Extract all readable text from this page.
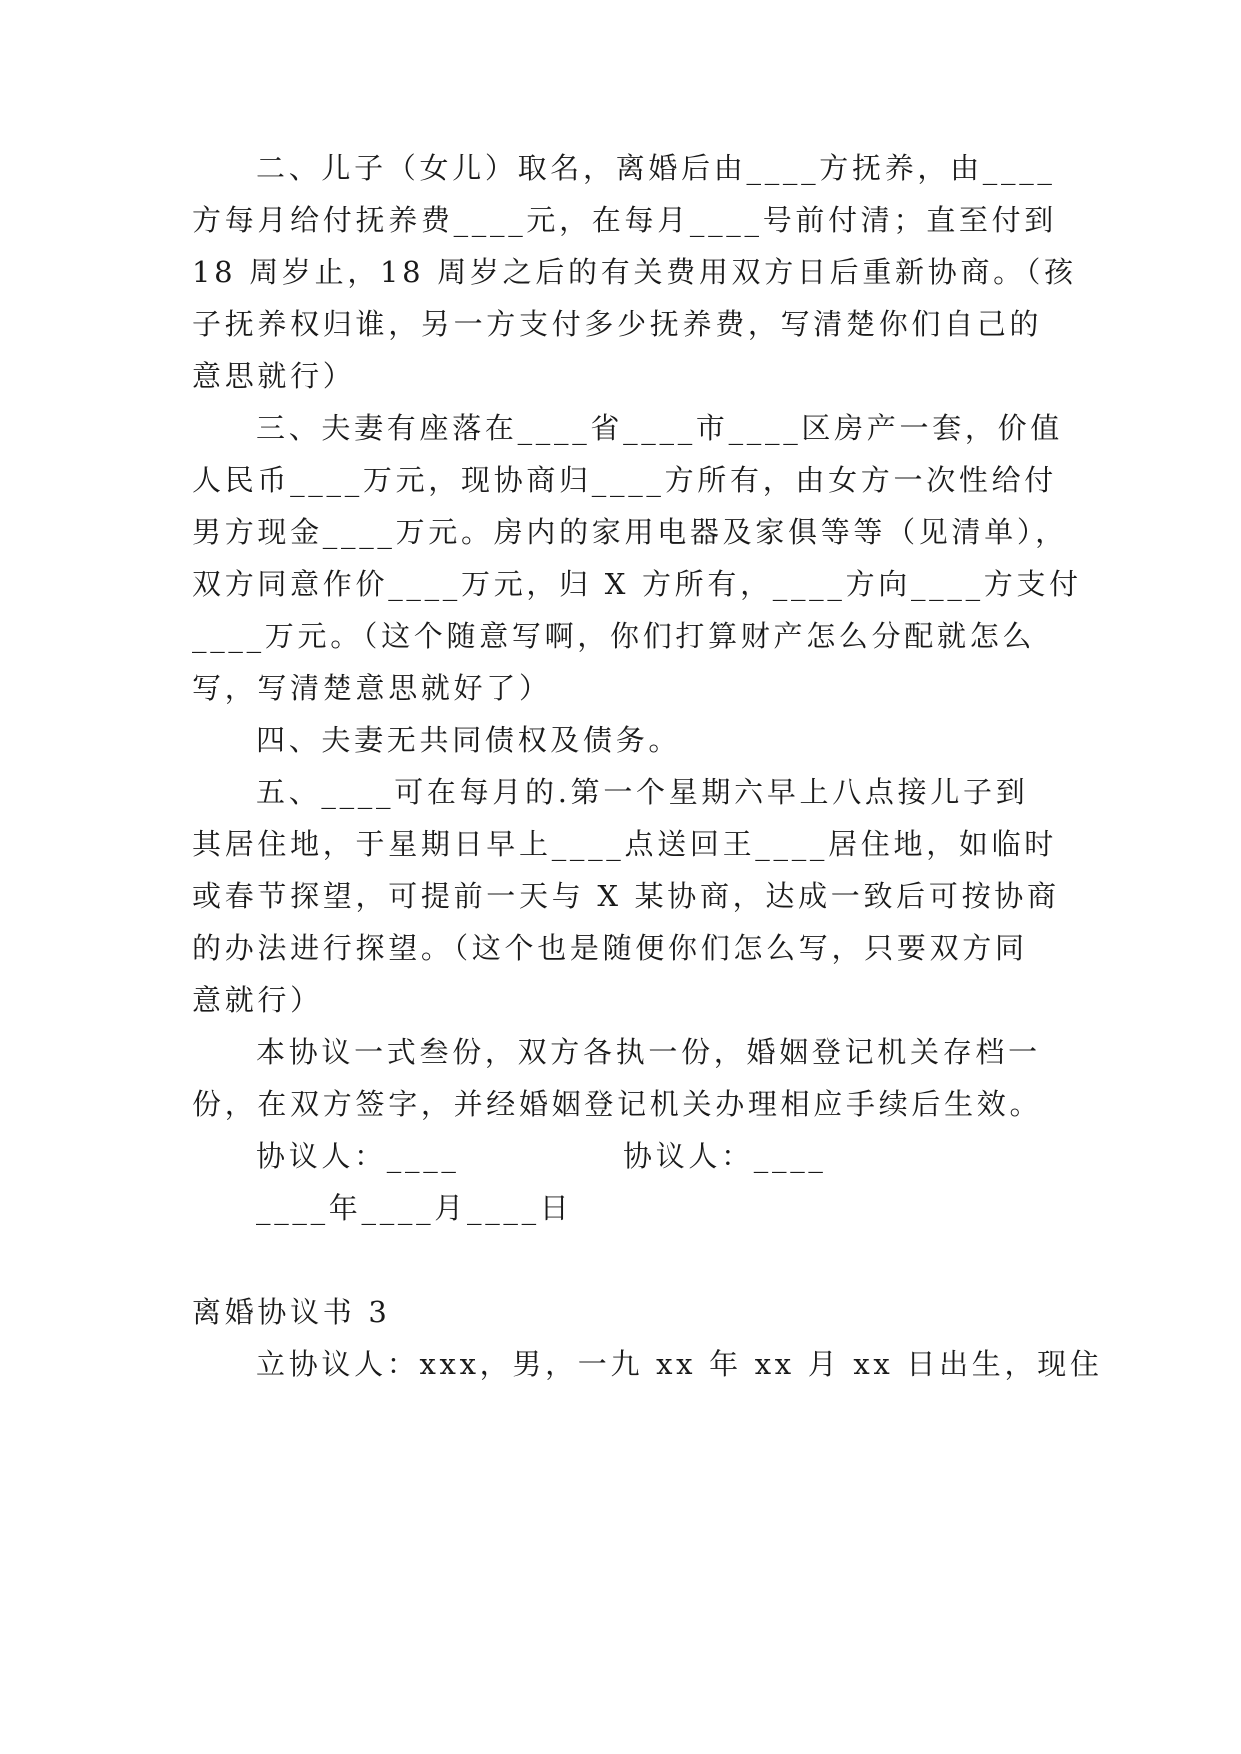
二、儿子（女儿）取名，离婚后由____方抚养，由____
方每月给付抚养费____元，在每月____号前付清；直至付到
18 周岁止，18 周岁之后的有关费用双方日后重新协商。（孩
子抚养权归谁，另一方支付多少抚养费，写清楚你们自己的
意思就行）
三、夫妻有座落在____省____市____区房产一套，价值
人民币____万元，现协商归____方所有，由女方一次性给付
男方现金____万元。房内的家用电器及家俱等等（见清单），
双方同意作价____万元，归 X 方所有，____方向____方支付
____万元。（这个随意写啊，你们打算财产怎么分配就怎么
写，写清楚意思就好了）
四、夫妻无共同债权及债务。
五、____可在每月的.第一个星期六早上八点接儿子到
其居住地，于星期日早上____点送回王____居住地，如临时
或春节探望，可提前一天与 X 某协商，达成一致后可按协商
的办法进行探望。（这个也是随便你们怎么写，只要双方同
意就行）
本协议一式叁份，双方各执一份，婚姻登记机关存档一
份，在双方签字，并经婚姻登记机关办理相应手续后生效。
协议人：____	协议人：____
____年____月____日
离婚协议书 3
立协议人：xxx，男，一九 xx 年 xx 月 xx 日出生，现住
